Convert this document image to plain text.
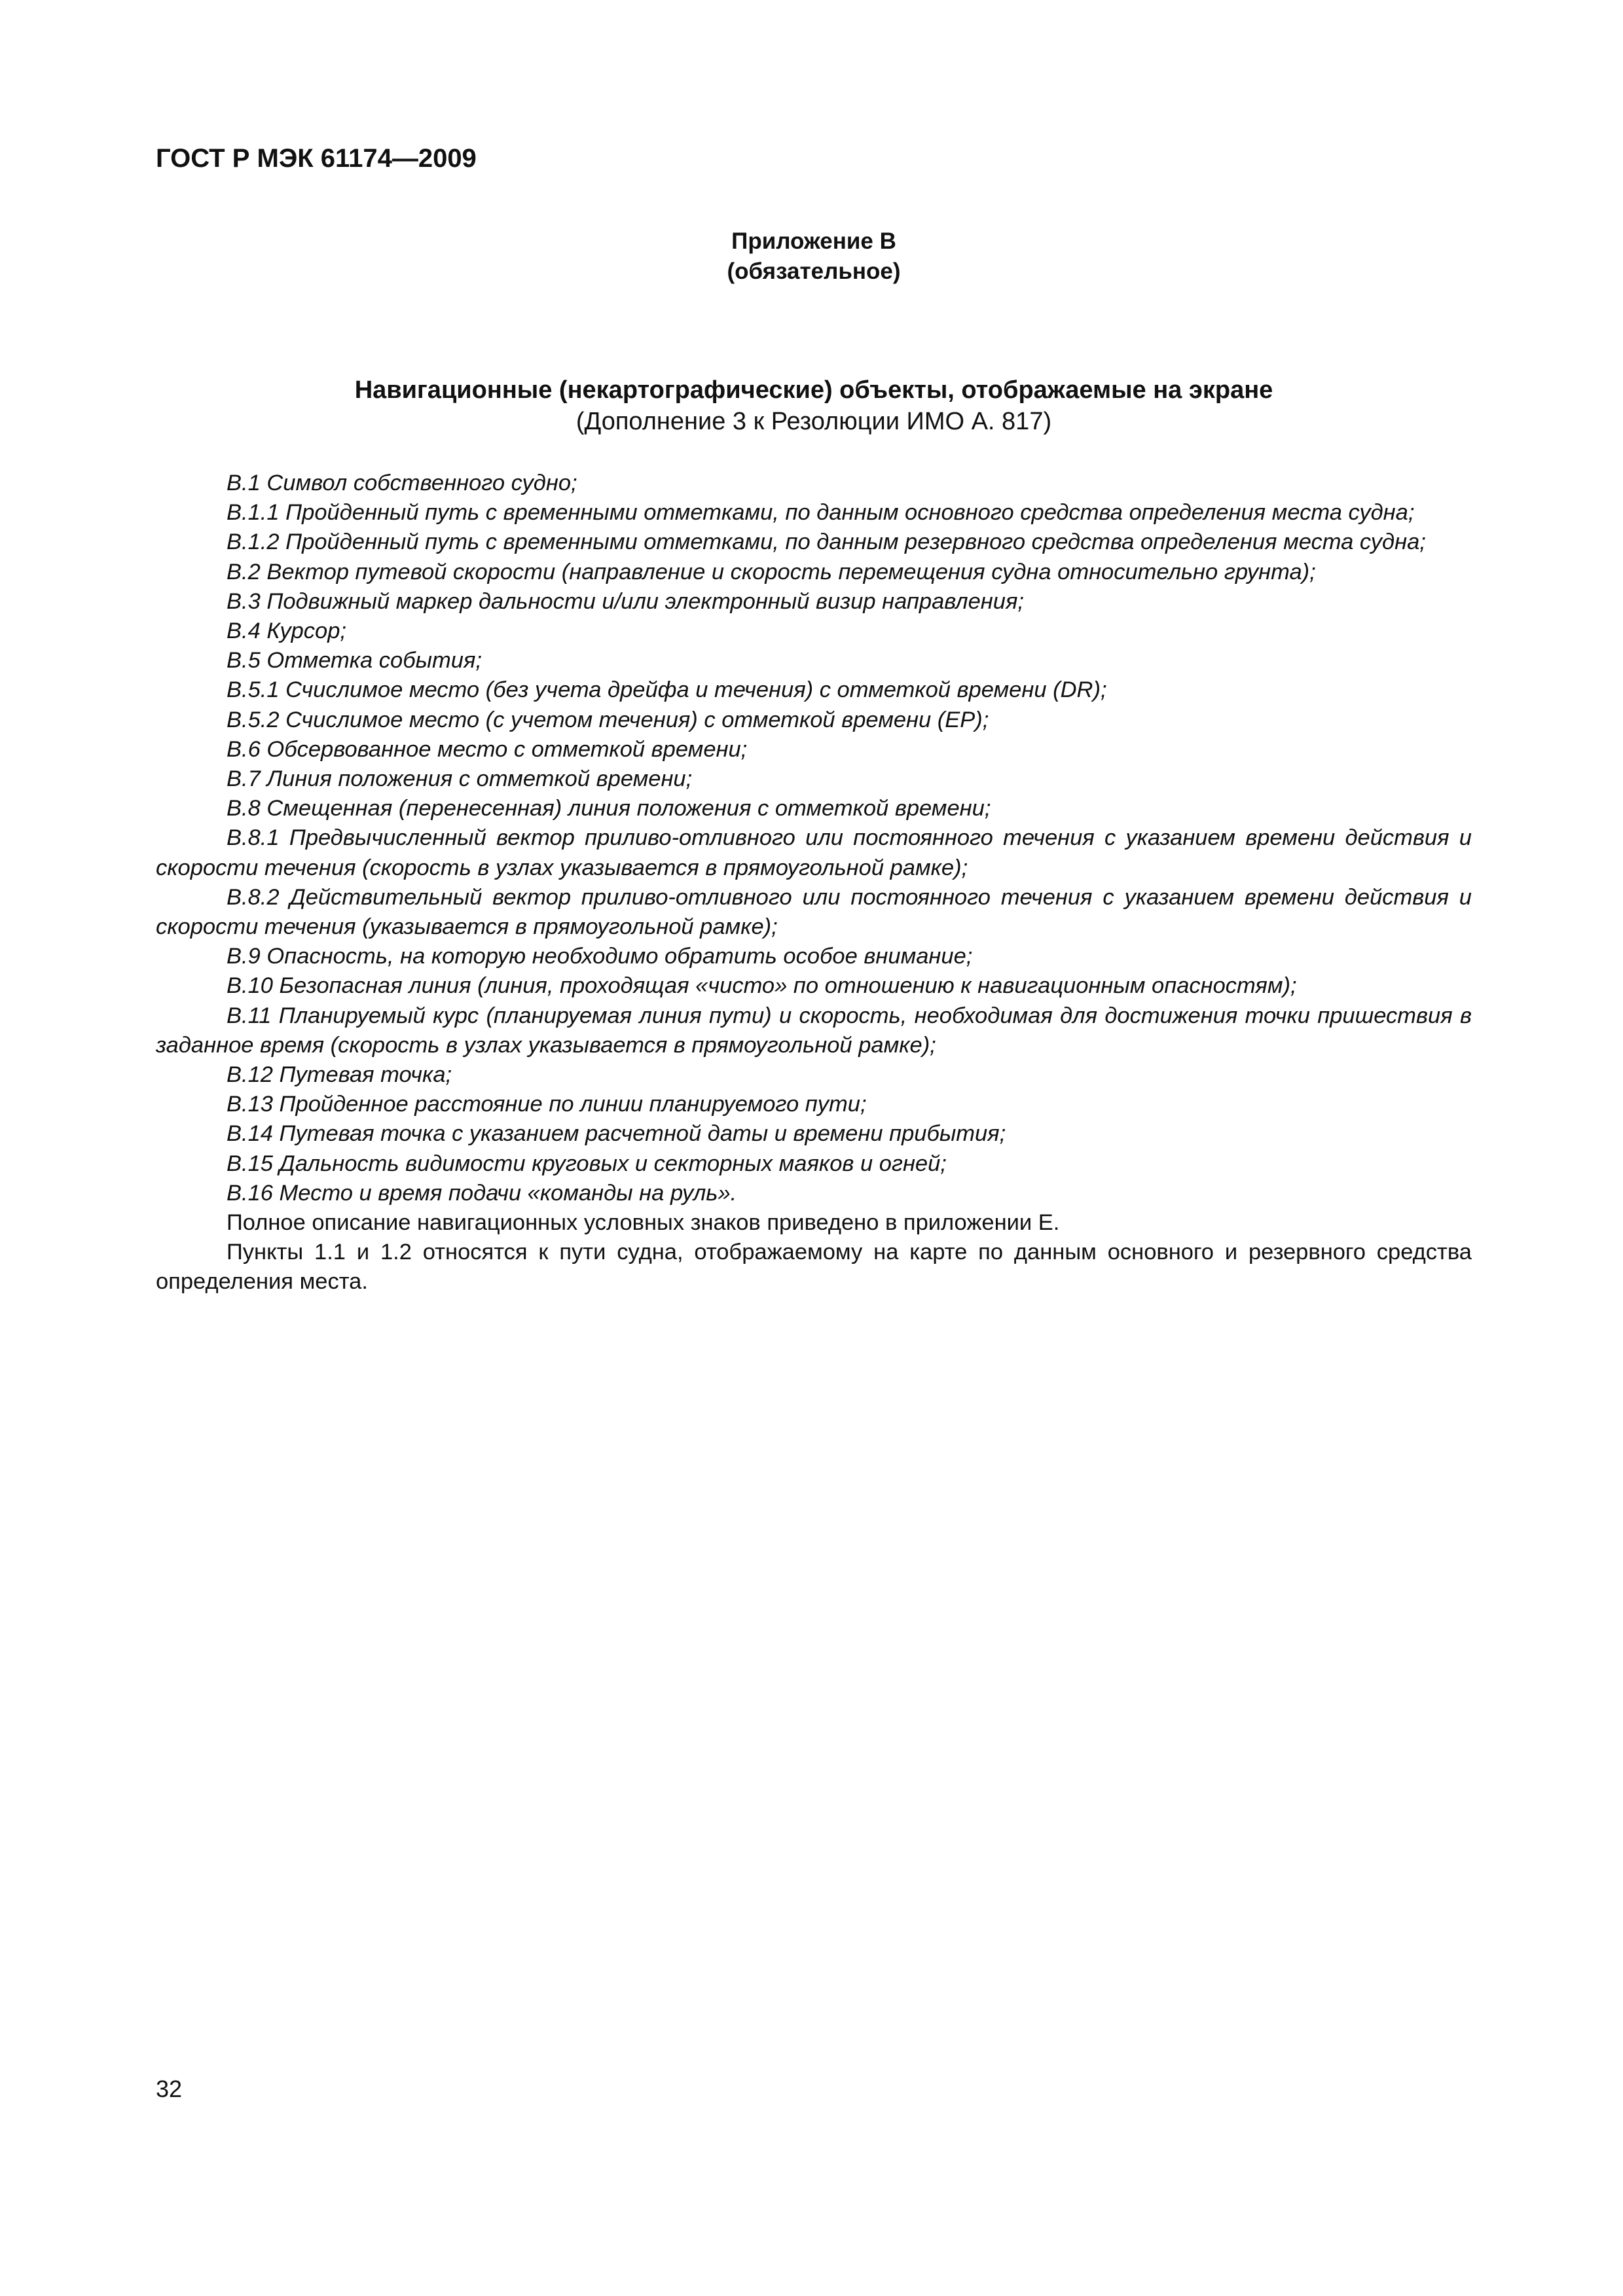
ГОСТ Р МЭК 61174—2009
Приложение В
(обязательное)
Навигационные (некартографические) объекты, отображаемые на экране
(Дополнение 3 к Резолюции ИМО А. 817)

В.1 Символ собственного судно;

В.1.1 Пройденный путь с временными отметками, по данным основного средства определения места судна;

В.1.2 Пройденный путь с временными отметками, по данным резервного средства определения места судна;

В.2 Вектор путевой скорости (направление и скорость перемещения судна относительно грунта);

В.3 Подвижный маркер дальности и/или электронный визир направления;

В.4 Курсор;

В.5 Отметка события;

В.5.1 Счислимое место (без учета дрейфа и течения) с отметкой времени (DR);

В.5.2 Счислимое место (с учетом течения) с отметкой времени (EP);

В.6 Обсервованное место с отметкой времени;

В.7 Линия положения с отметкой времени;

В.8 Смещенная (перенесенная) линия положения с отметкой времени;

В.8.1 Предвычисленный вектор приливо-отливного или постоянного течения с указанием времени действия и скорости течения (скорость в узлах указывается в прямоугольной рамке);

В.8.2 Действительный вектор приливо-отливного или постоянного течения с указанием времени действия и скорости течения (указывается в прямоугольной рамке);

В.9 Опасность, на которую необходимо обратить особое внимание;

В.10 Безопасная линия (линия, проходящая «чисто» по отношению к навигационным опасностям);

В.11 Планируемый курс (планируемая линия пути) и скорость, необходимая для достижения точки пришествия в заданное время (скорость в узлах указывается в прямоугольной рамке);

В.12 Путевая точка;

В.13 Пройденное расстояние по линии планируемого пути;

В.14 Путевая точка с указанием расчетной даты и времени прибытия;

В.15 Дальность видимости круговых и секторных маяков и огней;

В.16 Место и время подачи «команды на руль».

Полное описание навигационных условных знаков приведено в приложении Е.

Пункты 1.1 и 1.2 относятся к пути судна, отображаемому на карте по данным основного и резервного средства определения места.

32
